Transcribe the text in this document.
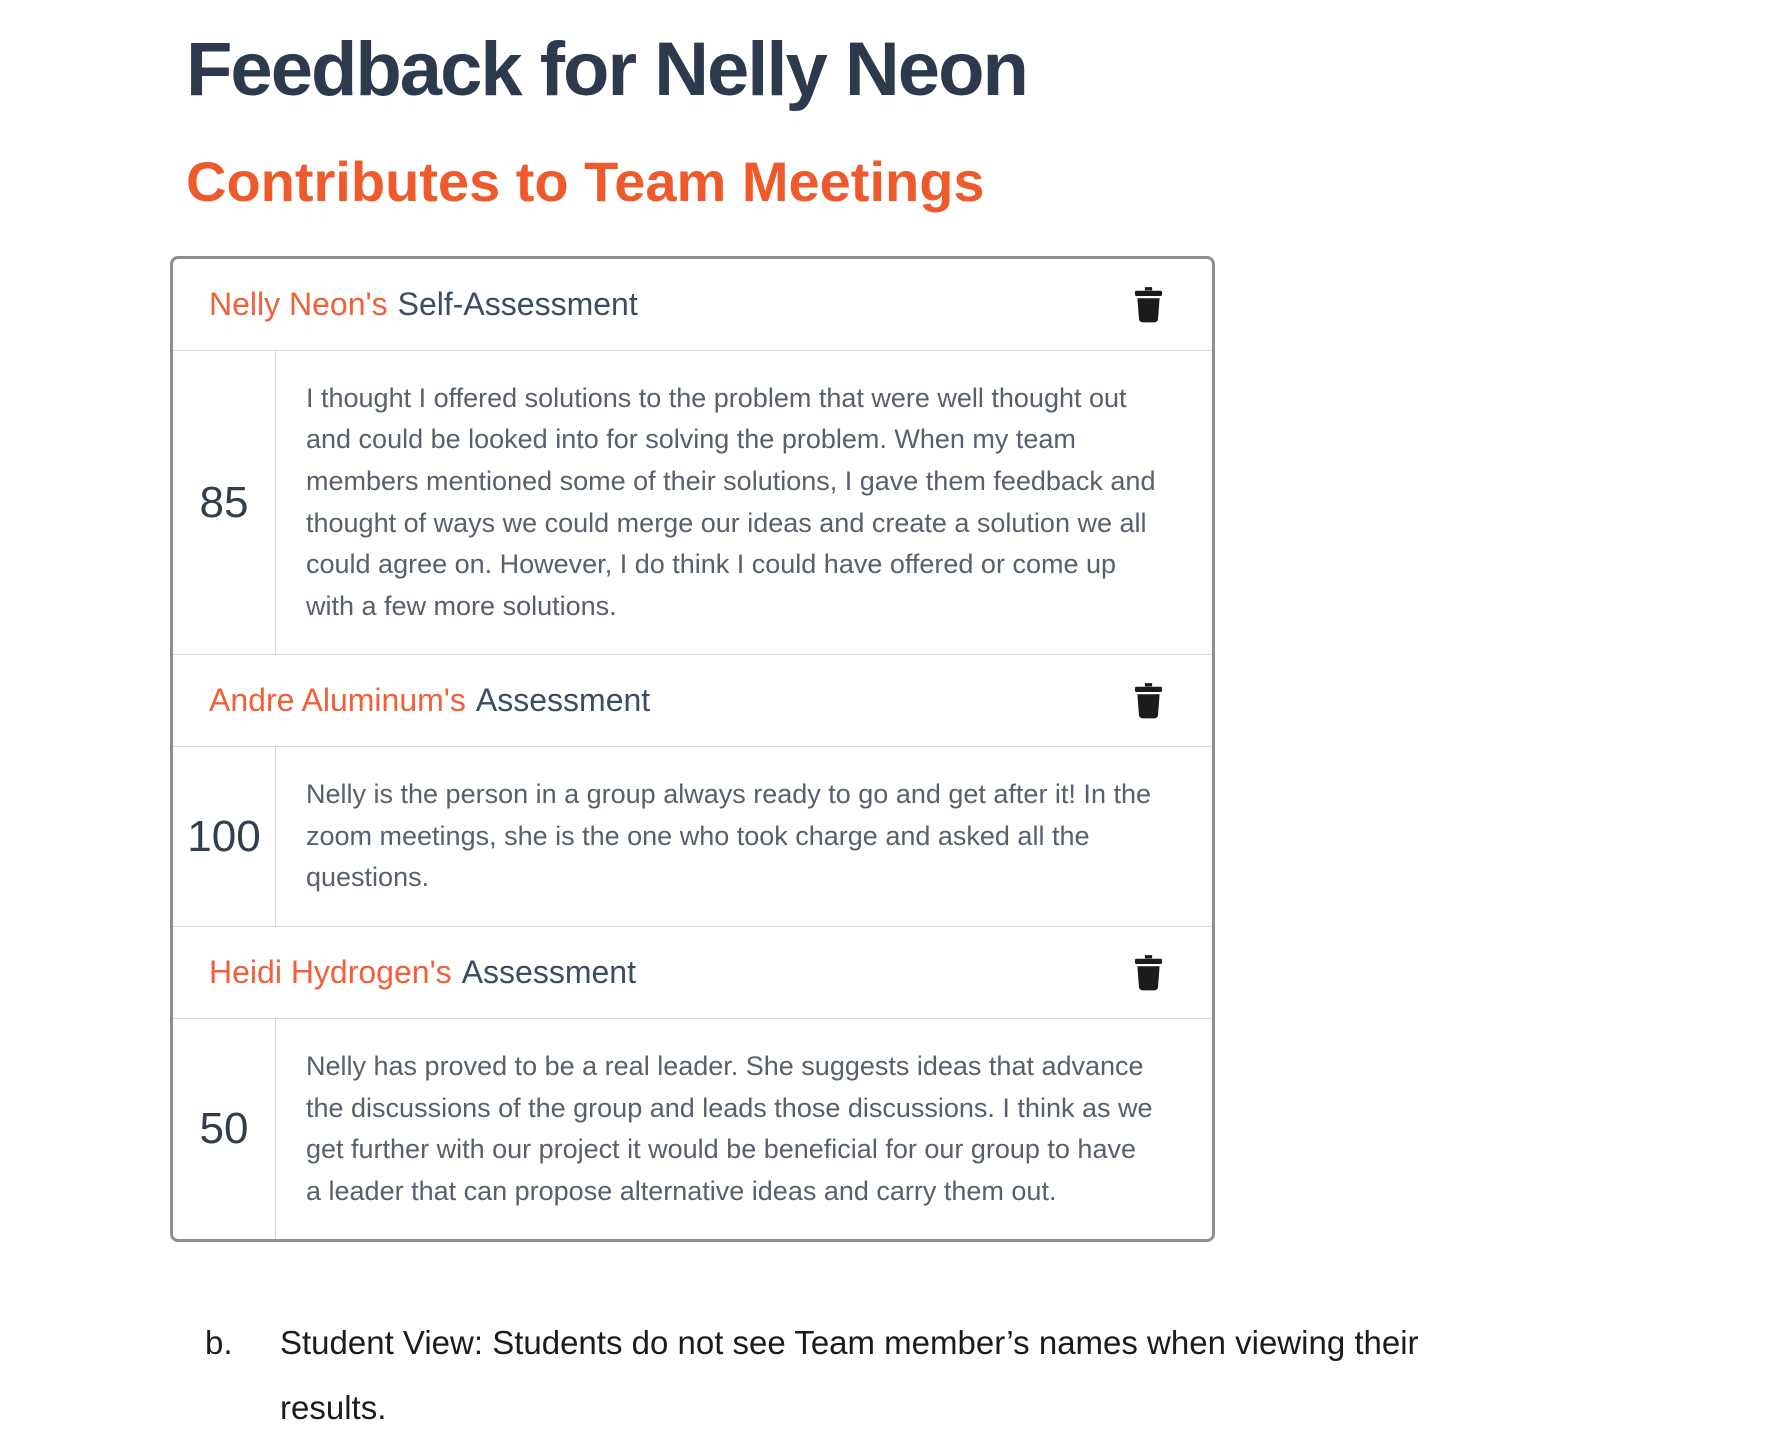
Feedback for Nelly Neon
Contributes to Team Meetings
Nelly Neon's Self-Assessment
85
I thought I offered solutions to the problem that were well thought out and could be looked into for solving the problem. When my team members mentioned some of their solutions, I gave them feedback and thought of ways we could merge our ideas and create a solution we all could agree on. However, I do think I could have offered or come up with a few more solutions.
Andre Aluminum's Assessment
100
Nelly is the person in a group always ready to go and get after it! In the zoom meetings, she is the one who took charge and asked all the questions.
Heidi Hydrogen's Assessment
50
Nelly has proved to be a real leader. She suggests ideas that advance the discussions of the group and leads those discussions. I think as we get further with our project it would be beneficial for our group to have a leader that can propose alternative ideas and carry them out.
b.	Student View: Students do not see Team member’s names when viewing their

results.
